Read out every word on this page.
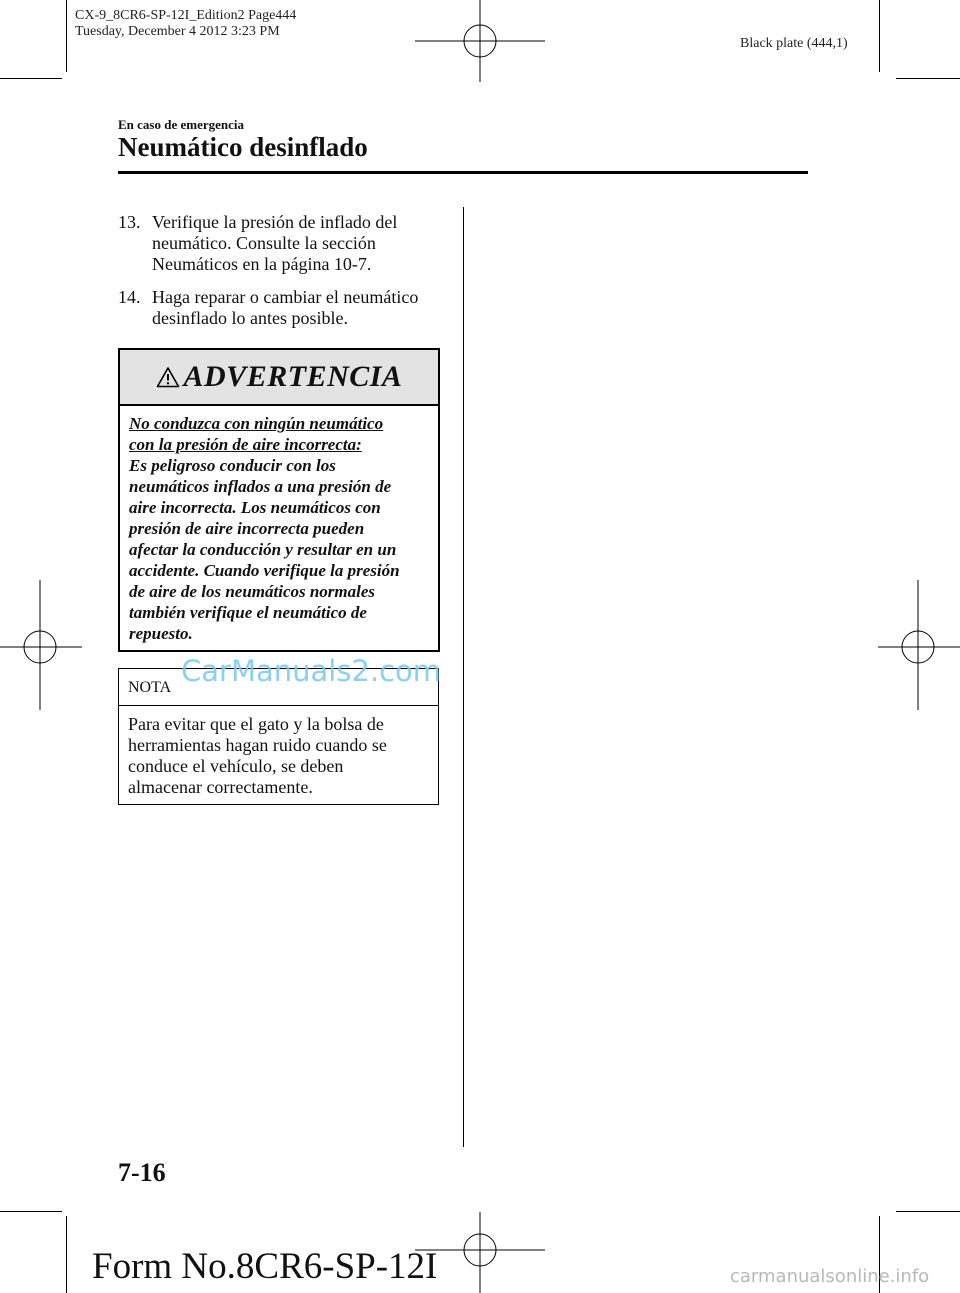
CX-9_8CR6-SP-12I_Edition2 Page444
Tuesday, December 4 2012 3:23 PM
Black plate (444,1)
En caso de emergencia
Neumático desinflado
13. Verifique la presión de inflado del
neumático. Consulte la sección
Neumáticos en la página 10-7.
14. Haga reparar o cambiar el neumático
desinflado lo antes posible.
ADVERTENCIA
No conduzca con ningún neumático
con la presión de aire incorrecta:
Es peligroso conducir con los
neumáticos inflados a una presión de
aire incorrecta. Los neumáticos con
presión de aire incorrecta pueden
afectar la conducción y resultar en un
accidente. Cuando verifique la presión
de aire de los neumáticos normales
también verifique el neumático de
repuesto.
NOTA
Para evitar que el gato y la bolsa de
herramientas hagan ruido cuando se
conduce el vehículo, se deben
almacenar correctamente.
CarManuals2.com
7-16
Form No.8CR6-SP-12I	carmanualsonline.info
